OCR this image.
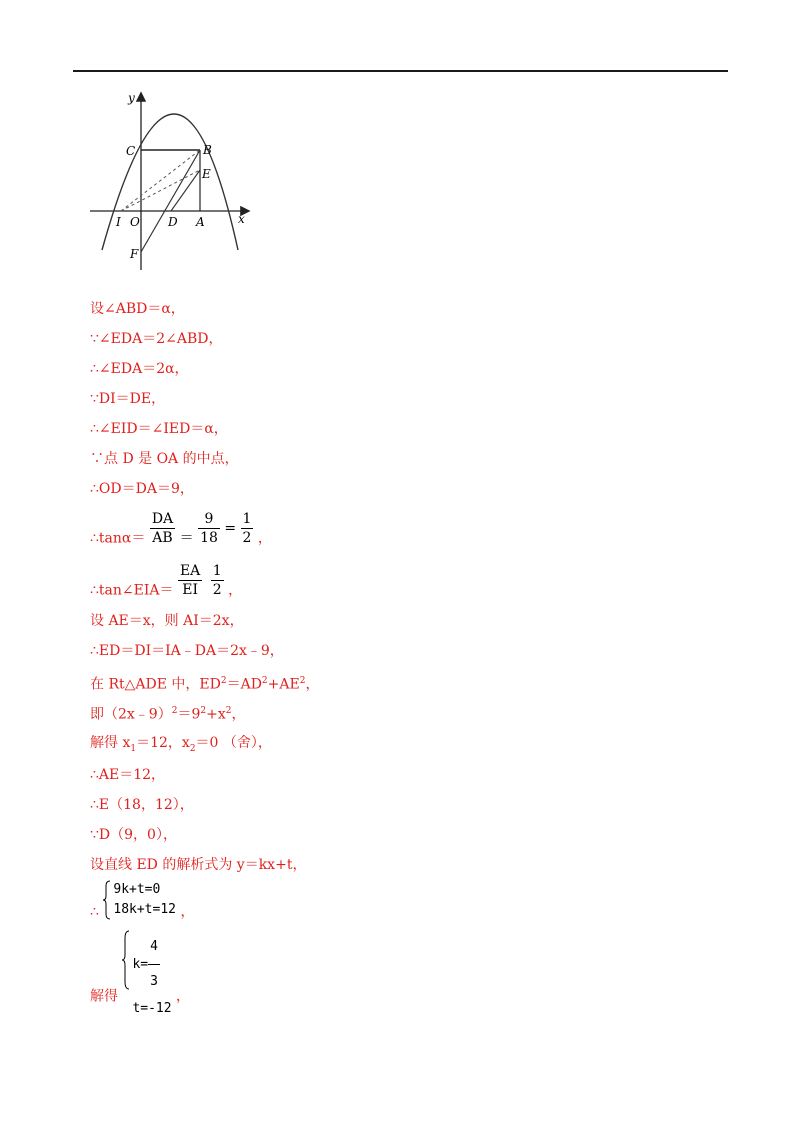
y
x
C	B
E
O
I	D A
F
设∠ABD＝α，
∵∠EDA＝2∠ABD，
∴∠EDA＝2α，
∵DI＝DE，
∴∠EID＝∠IED＝α，
∵点 D 是 OA 的中点，
∴OD＝DA＝9，
∴tanα＝ $\frac{DA}{AB} = \frac{9}{18} = \frac{1}{2}$ ，
∴tan∠EIA＝ $\frac{EA}{EI}$
$\frac{1}{2}$ ，
设 AE＝x，则 AI＝2x，
∴ED＝DI＝IA﹣DA＝2x﹣9，
在 Rt△ADE 中，$ED^2=AD^2+AE^2$，
即$(2x﹣9)^2=9^2+x^2$，
解得 $x_1=12$，$x_2=0$ （舍），
∴AE＝12，
∴E（18，12），
∵D（9，0），
设直线 ED 的解析式为 y＝kx+t，
∴
9k+t=0
18k+t=12 ，
解得
$k= \frac{4}{3}$
t=-12
，
